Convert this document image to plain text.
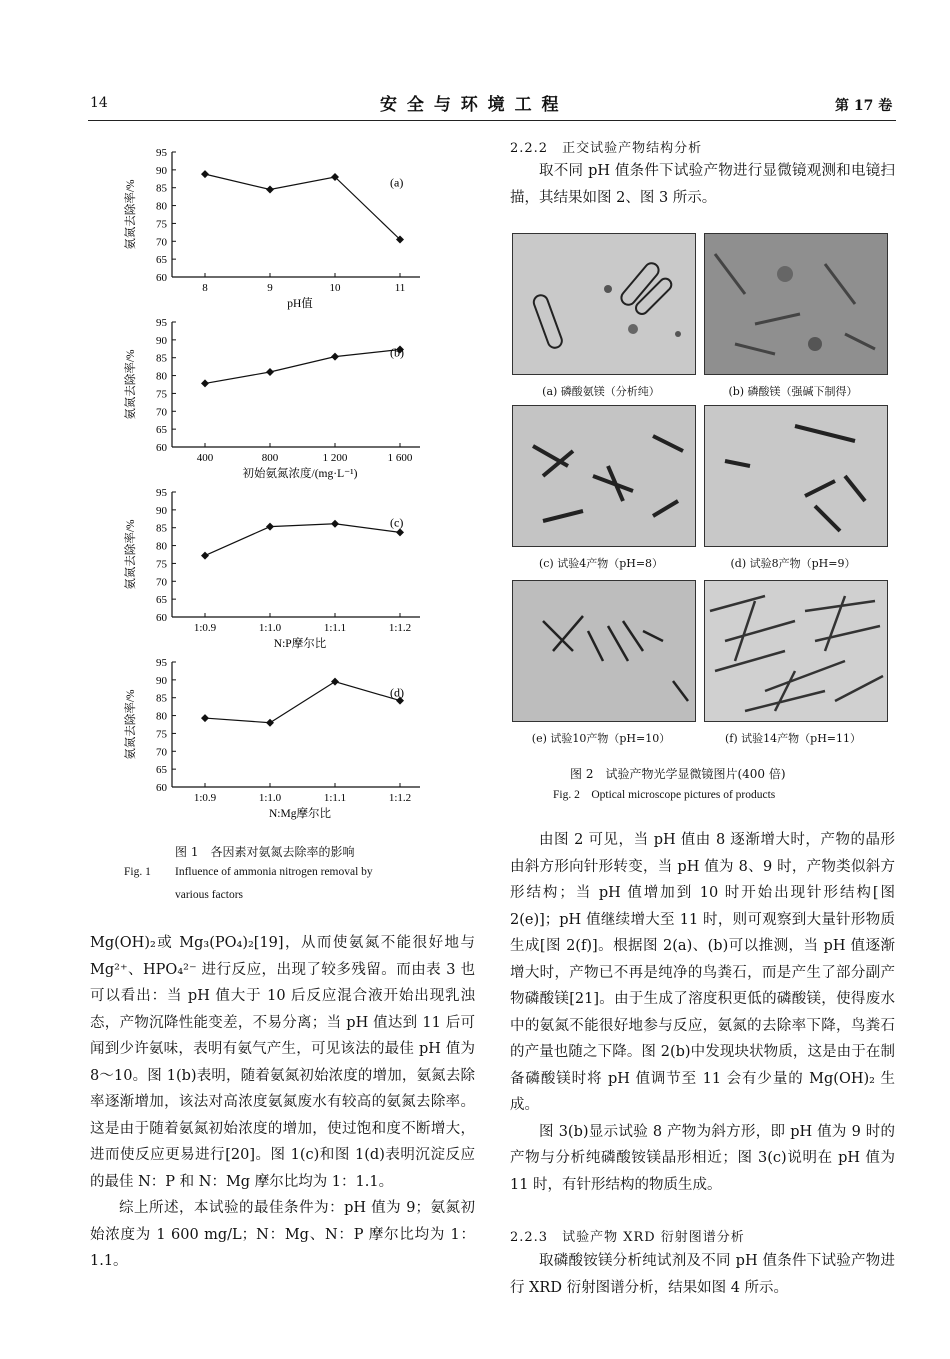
14	安 全 与 环 境 工 程	第 17 卷
95
90
85
80
75
70
65
60
8	9	10	11
(a)
氨氮去除率/%
pH值
95
90
85
80
75
70
65
60
400	800	1 200	1 600
(b)
氨氮去除率/%
初始氨氮浓度/(mg·L⁻¹)
95
90
85
80
75
70
65
60
1:0.9	1:1.0	1:1.1	1:1.2
(c)
氨氮去除率/%
N:P摩尔比
95
90
85
80
75
70
65
60
1:0.9	1:1.0	1:1.1	1:1.2
(d)
氨氮去除率/%
N:Mg摩尔比
图 1　各因素对氨氮去除率的影响
Fig. 1 Influence of ammonia nitrogen removal by
various factors

Mg(OH)₂或 Mg₃(PO₄)₂[19]，从而使氨氮不能很好地与 Mg²⁺、HPO₄²⁻ 进行反应，出现了较多残留。而由表 3 也可以看出：当 pH 值大于 10 后反应混合液开始出现乳浊态，产物沉降性能变差，不易分离；当 pH 值达到 11 后可闻到少许氨味，表明有氨气产生，可见该法的最佳 pH 值为 8～10。图 1(b)表明，随着氨氮初始浓度的增加，氨氮去除率逐渐增加，该法对高浓度氨氮废水有较高的氨氮去除率。这是由于随着氨氮初始浓度的增加，使过饱和度不断增大，进而使反应更易进行[20]。图 1(c)和图 1(d)表明沉淀反应的最佳 N：P 和 N：Mg 摩尔比均为 1：1.1。

综上所述，本试验的最佳条件为：pH 值为 9；氨氮初始浓度为 1 600 mg/L；N：Mg、N：P 摩尔比均为 1：1.1。

2.2.2　正交试验产物结构分析

取不同 pH 值条件下试验产物进行显微镜观测和电镜扫描，其结果如图 2、图 3 所示。

(a) 磷酸氨镁（分析纯）	(b) 磷酸镁（强碱下制得）
(c) 试验4产物（pH=8）	(d) 试验8产物（pH=9）
(e) 试验10产物（pH=10）	(f) 试验14产物（pH=11）
图 2　试验产物光学显微镜图片(400 倍)
Fig. 2　Optical microscope pictures of products

由图 2 可见，当 pH 值由 8 逐渐增大时，产物的晶形由斜方形向针形转变，当 pH 值为 8、9 时，产物类似斜方形结构；当 pH 值增加到 10 时开始出现针形结构[图 2(e)]；pH 值继续增大至 11 时，则可观察到大量针形物质生成[图 2(f)]。根据图 2(a)、(b)可以推测，当 pH 值逐渐增大时，产物已不再是纯净的鸟粪石，而是产生了部分副产物磷酸镁[21]。由于生成了溶度积更低的磷酸镁，使得废水中的氨氮不能很好地参与反应，氨氮的去除率下降，鸟粪石的产量也随之下降。图 2(b)中发现块状物质，这是由于在制备磷酸镁时将 pH 值调节至 11 会有少量的 Mg(OH)₂ 生成。

图 3(b)显示试验 8 产物为斜方形，即 pH 值为 9 时的产物与分析纯磷酸铵镁晶形相近；图 3(c)说明在 pH 值为 11 时，有针形结构的物质生成。

2.2.3　试验产物 XRD 衍射图谱分析

取磷酸铵镁分析纯试剂及不同 pH 值条件下试验产物进行 XRD 衍射图谱分析，结果如图 4 所示。
